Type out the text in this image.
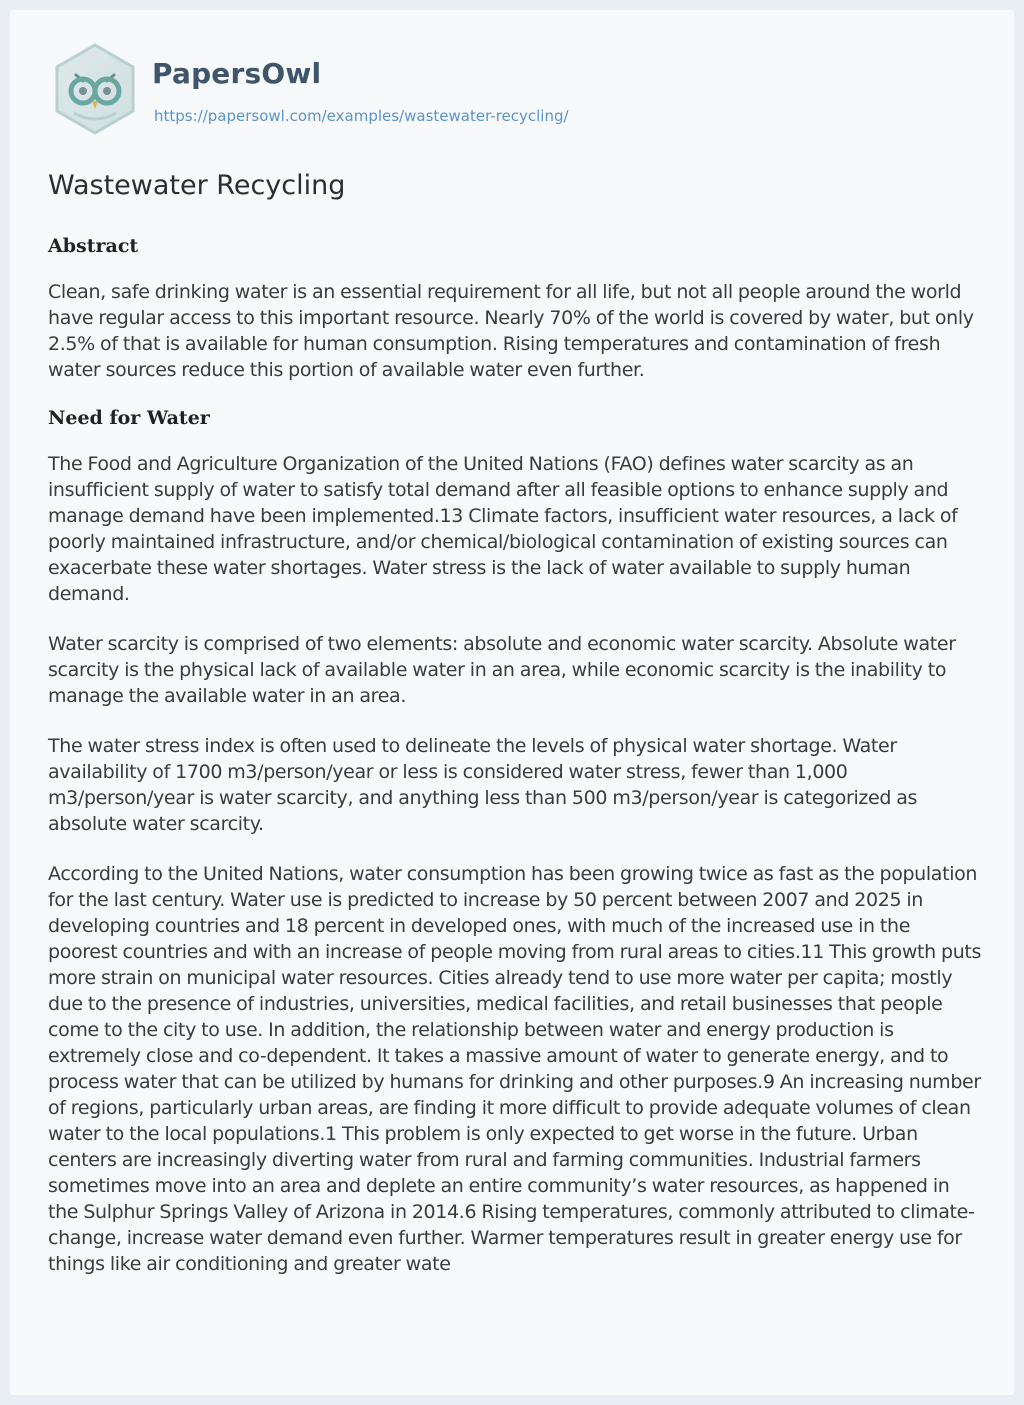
PapersOwl
https://papersowl.com/examples/wastewater-recycling/
Wastewater Recycling
Abstract

Clean, safe drinking water is an essential requirement for all life, but not all people around the world have regular access to this important resource. Nearly 70% of the world is covered by water, but only 2.5% of that is available for human consumption. Rising temperatures and contamination of fresh water sources reduce this portion of available water even further.

Need for Water

The Food and Agriculture Organization of the United Nations (FAO) defines water scarcity as an insufficient supply of water to satisfy total demand after all feasible options to enhance supply and manage demand have been implemented.13 Climate factors, insufficient water resources, a lack of poorly maintained infrastructure, and/or chemical/biological contamination of existing sources can exacerbate these water shortages. Water stress is the lack of water available to supply human demand.

Water scarcity is comprised of two elements: absolute and economic water scarcity. Absolute water scarcity is the physical lack of available water in an area, while economic scarcity is the inability to manage the available water in an area.

The water stress index is often used to delineate the levels of physical water shortage. Water availability of 1700 m3/person/year or less is considered water stress, fewer than 1,000 m3/person/year is water scarcity, and anything less than 500 m3/person/year is categorized as absolute water scarcity.

According to the United Nations, water consumption has been growing twice as fast as the population for the last century. Water use is predicted to increase by 50 percent between 2007 and 2025 in developing countries and 18 percent in developed ones, with much of the increased use in the poorest countries and with an increase of people moving from rural areas to cities.11 This growth puts more strain on municipal water resources. Cities already tend to use more water per capita; mostly due to the presence of industries, universities, medical facilities, and retail businesses that people come to the city to use. In addition, the relationship between water and energy production is extremely close and co-dependent. It takes a massive amount of water to generate energy, and to process water that can be utilized by humans for drinking and other purposes.9 An increasing number of regions, particularly urban areas, are finding it more difficult to provide adequate volumes of clean water to the local populations.1 This problem is only expected to get worse in the future. Urban centers are increasingly diverting water from rural and farming communities. Industrial farmers sometimes move into an area and deplete an entire community’s water resources, as happened in the Sulphur Springs Valley of Arizona in 2014.6 Rising temperatures, commonly attributed to climate-change, increase water demand even further. Warmer temperatures result in greater energy use for things like air conditioning and greater wate
